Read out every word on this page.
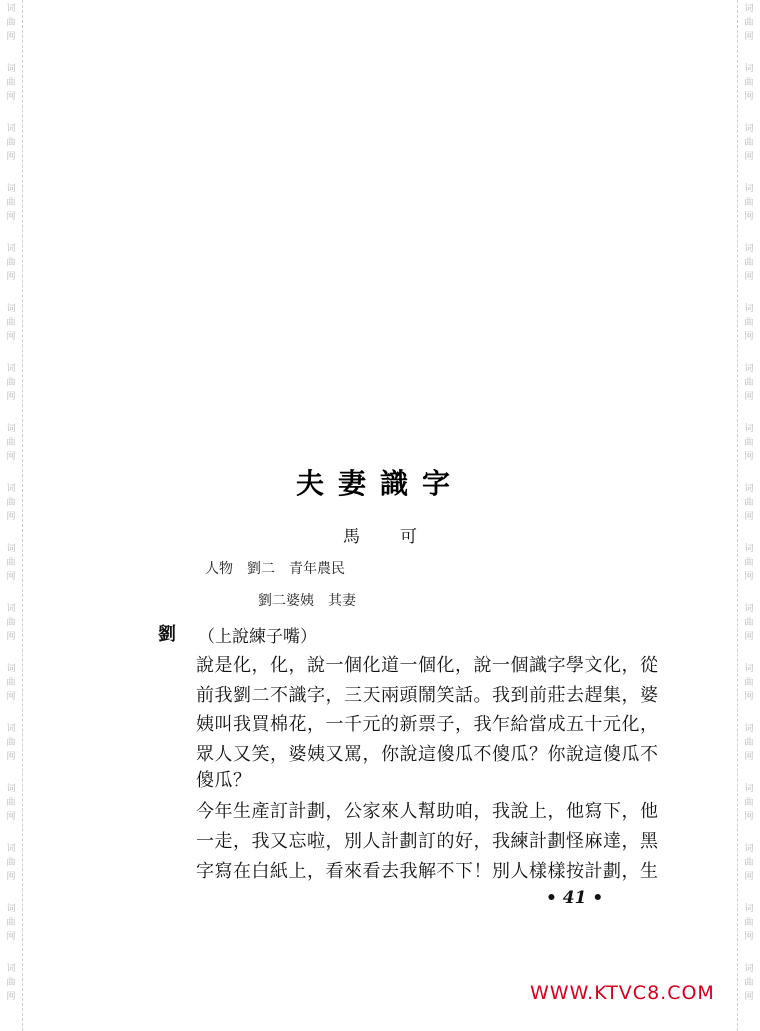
词
曲
网
词
曲
网
词
曲
网
词
曲
网
词
曲
网
词
曲
网
词
曲
网
词
曲
网
词
曲
网
词
曲
网
词
曲
网
词
曲
网
词
曲
网
词
曲
网
词
曲
网
词
曲
网
词
曲
网
词
曲
网
词
曲
网
词
曲
网
词
曲
网
词
曲
网
词
曲
网
词
曲
网
词
曲
网
词
曲
网
词
曲
网
词
曲
网
词
曲
网
词
曲
网
词
曲
网
词
曲
网
词
曲
网
词
曲
网
夫妻識字
馬可
人物　劉二　青年農民
劉二婆姨　其妻
劉 （上說練子嘴）
說是化，化，說一個化道一個化，說一個識字學文化，從
前我劉二不識字，三天兩頭鬧笑話。我到前莊去趕集，婆
姨叫我買棉花，一千元的新票子，我乍給當成五十元化，
眾人又笑，婆姨又罵，你說這傻瓜不傻瓜？你說這傻瓜不
傻瓜？
今年生產訂計劃，公家來人幫助咱，我說上，他寫下，他
一走，我又忘啦，別人計劃訂的好，我練計劃怪麻達，黑
字寫在白紙上，看來看去我解不下！別人樣樣按計劃，生
• 41 •
WWW.KTVC8.COM
